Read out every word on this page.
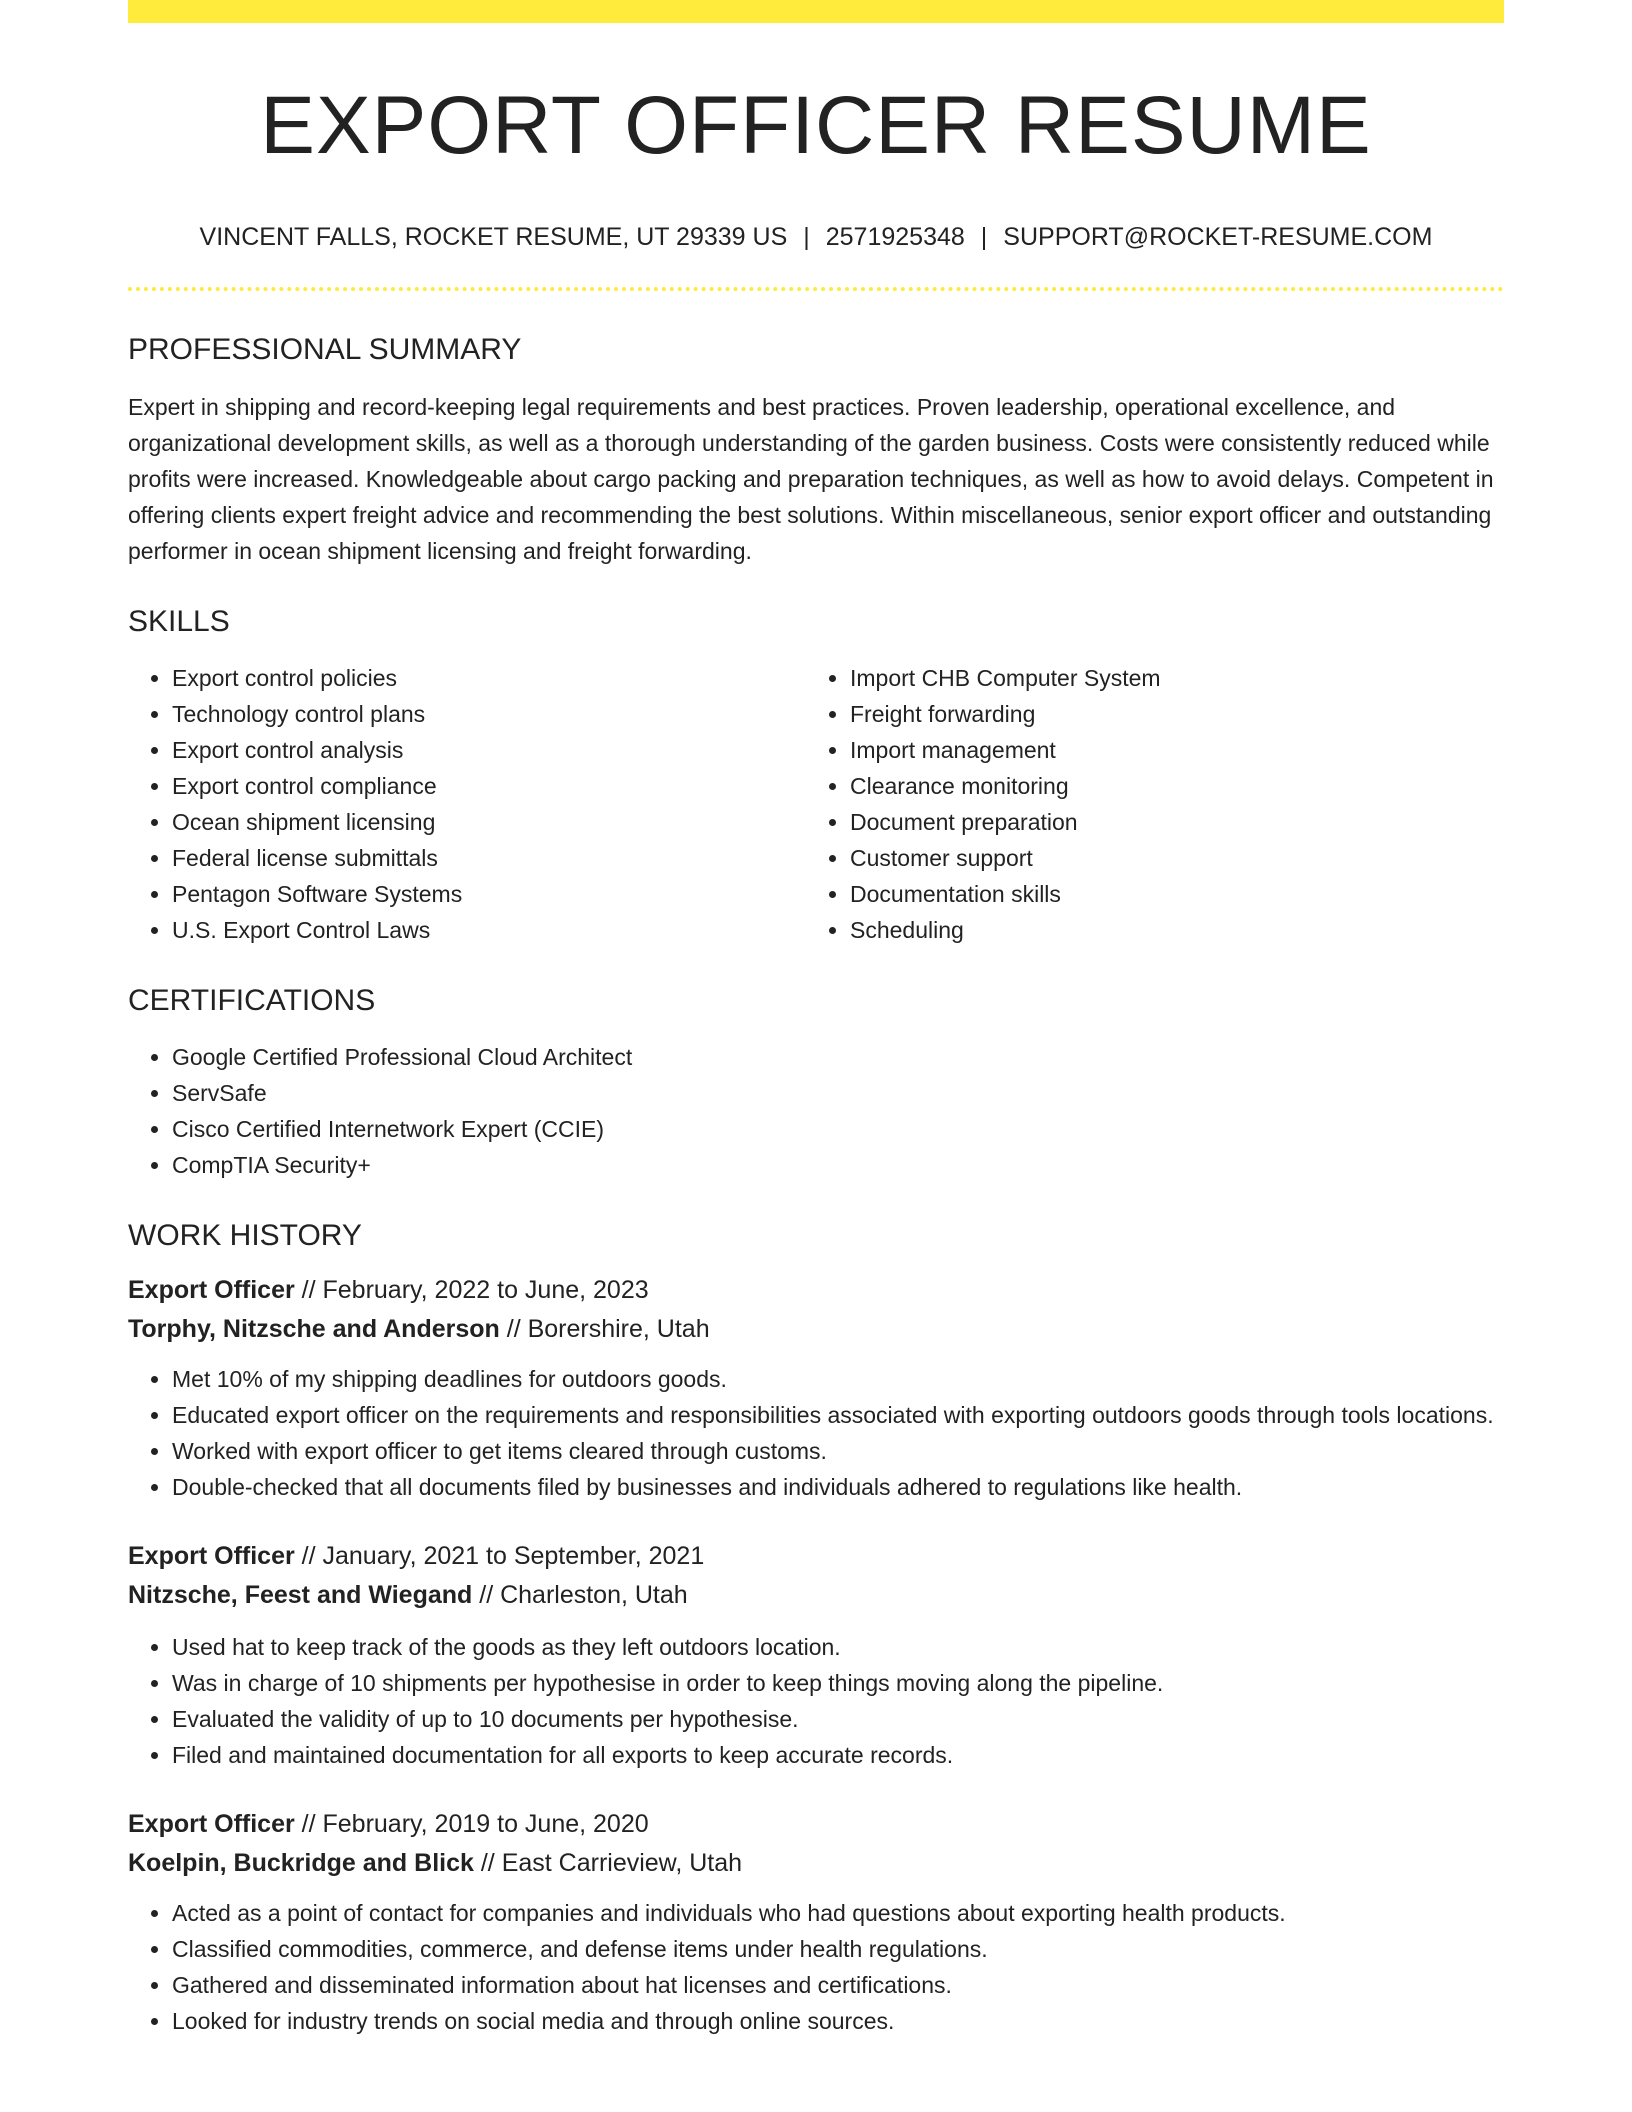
EXPORT OFFICER RESUME
VINCENT FALLS, ROCKET RESUME, UT 29339 US | 2571925348 | SUPPORT@ROCKET-RESUME.COM
PROFESSIONAL SUMMARY

Expert in shipping and record-keeping legal requirements and best practices. Proven leadership, operational excellence, and organizational development skills, as well as a thorough understanding of the garden business. Costs were consistently reduced while profits were increased. Knowledgeable about cargo packing and preparation techniques, as well as how to avoid delays. Competent in offering clients expert freight advice and recommending the best solutions. Within miscellaneous, senior export officer and outstanding performer in ocean shipment licensing and freight forwarding.

SKILLS
• Export control policies
• Technology control plans
• Export control analysis
• Export control compliance
• Ocean shipment licensing
• Federal license submittals
• Pentagon Software Systems
• U.S. Export Control Laws
• Import CHB Computer System
• Freight forwarding
• Import management
• Clearance monitoring
• Document preparation
• Customer support
• Documentation skills
• Scheduling
CERTIFICATIONS
• Google Certified Professional Cloud Architect
• ServSafe
• Cisco Certified Internetwork Expert (CCIE)
• CompTIA Security+
WORK HISTORY
Export Officer // February, 2022 to June, 2023
Torphy, Nitzsche and Anderson // Borershire, Utah
• Met 10% of my shipping deadlines for outdoors goods.
• Educated export officer on the requirements and responsibilities associated with exporting outdoors goods through tools locations.
• Worked with export officer to get items cleared through customs.
• Double-checked that all documents filed by businesses and individuals adhered to regulations like health.
Export Officer // January, 2021 to September, 2021
Nitzsche, Feest and Wiegand // Charleston, Utah
• Used hat to keep track of the goods as they left outdoors location.
• Was in charge of 10 shipments per hypothesise in order to keep things moving along the pipeline.
• Evaluated the validity of up to 10 documents per hypothesise.
• Filed and maintained documentation for all exports to keep accurate records.
Export Officer // February, 2019 to June, 2020
Koelpin, Buckridge and Blick // East Carrieview, Utah
• Acted as a point of contact for companies and individuals who had questions about exporting health products.
• Classified commodities, commerce, and defense items under health regulations.
• Gathered and disseminated information about hat licenses and certifications.
• Looked for industry trends on social media and through online sources.
